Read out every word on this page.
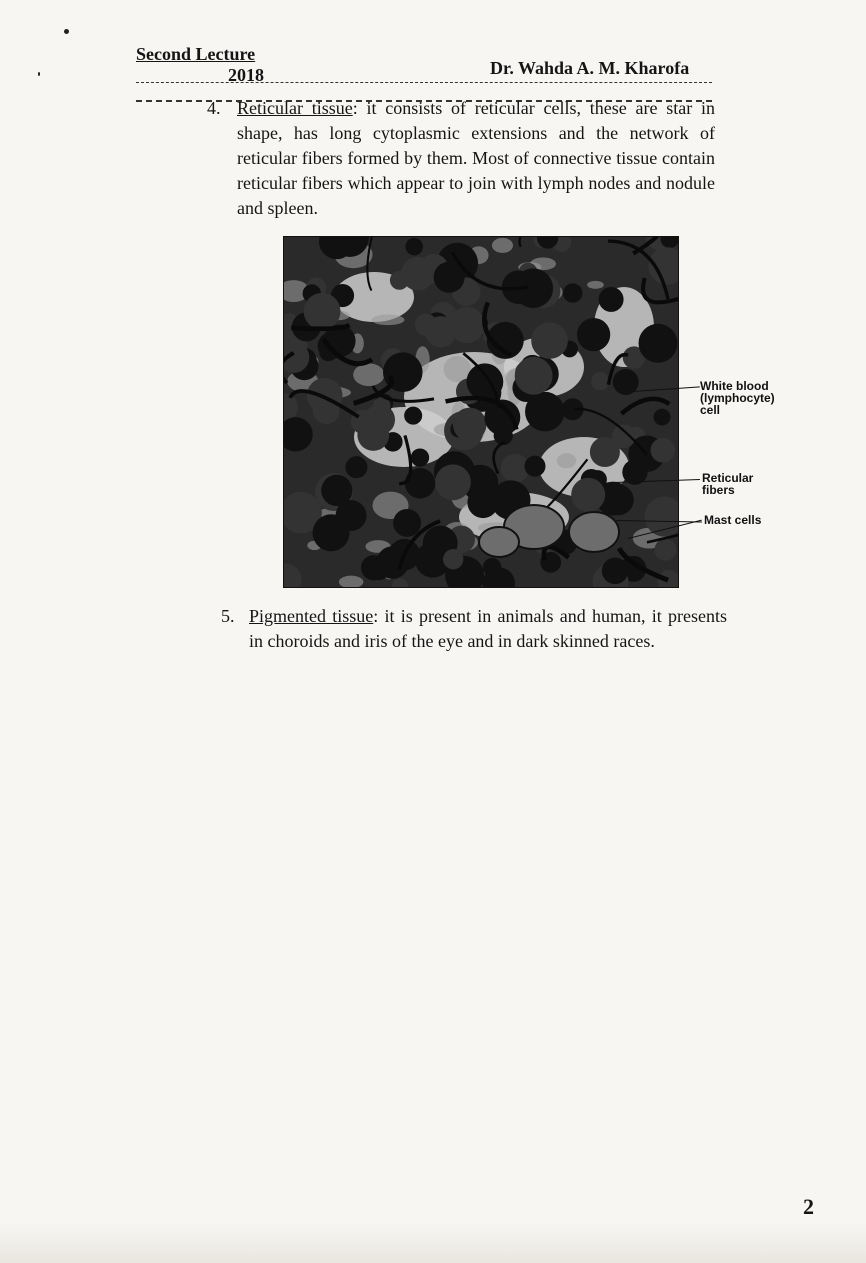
Second Lecture
2018	Dr. Wahda A. M. Kharofa
4. Reticular tissue: it consists of reticular cells, these are star in shape, has long cytoplasmic extensions and the network of reticular fibers formed by them. Most of connective tissue contain reticular fibers which appear to join with lymph nodes and nodule and spleen.
White blood
(lymphocyte)
cell
Reticular
fibers
Mast cells
5. Pigmented tissue: it is present in animals and human, it presents in choroids and iris of the eye and in dark skinned races.
2
